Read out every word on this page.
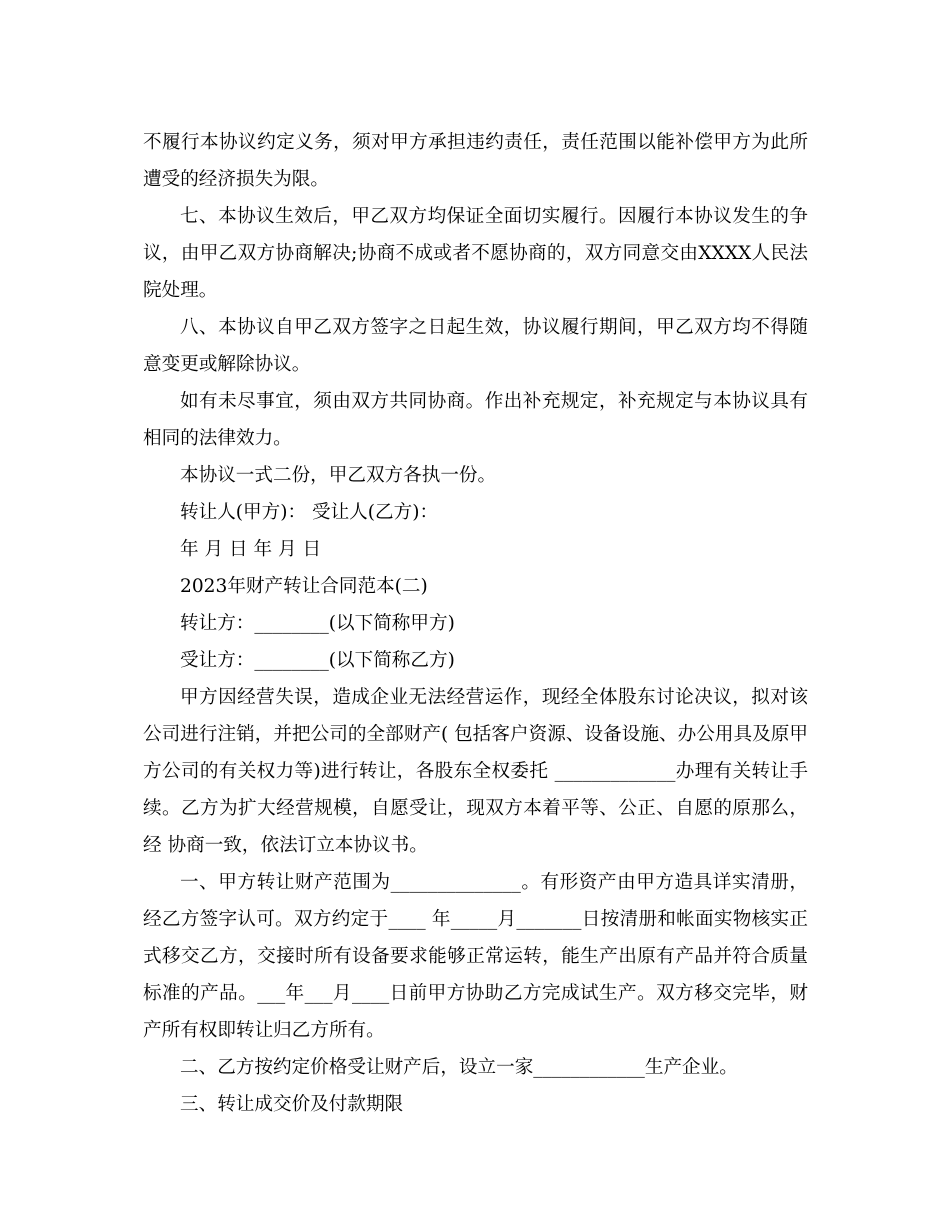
不履行本协议约定义务，须对甲方承担违约责任，责任范围以能补偿甲方为此所遭受的经济损失为限。

七、本协议生效后，甲乙双方均保证全面切实履行。因履行本协议发生的争议，由甲乙双方协商解决;协商不成或者不愿协商的，双方同意交由XXXX人民法院处理。

八、本协议自甲乙双方签字之日起生效，协议履行期间，甲乙双方均不得随意变更或解除协议。

如有未尽事宜，须由双方共同协商。作出补充规定，补充规定与本协议具有相同的法律效力。

本协议一式二份，甲乙双方各执一份。

转让人(甲方)： 受让人(乙方)：

年 月 日 年 月 日

2023年财产转让合同范本(二)

转让方：________(以下简称甲方)

受让方：________(以下简称乙方)

甲方因经营失误，造成企业无法经营运作，现经全体股东讨论决议，拟对该公司进行注销，并把公司的全部财产( 包括客户资源、设备设施、办公用具及原甲方公司的有关权力等)进行转让，各股东全权委托 _____________办理有关转让手续。乙方为扩大经营规模，自愿受让，现双方本着平等、公正、自愿的原那么，经 协商一致，依法订立本协议书。

一、甲方转让财产范围为______________。有形资产由甲方造具详实清册，经乙方签字认可。双方约定于____ 年_____月_______日按清册和帐面实物核实正式移交乙方，交接时所有设备要求能够正常运转，能生产出原有产品并符合质量标准的产品。___年___月____日前甲方协助乙方完成试生产。双方移交完毕，财产所有权即转让归乙方所有。

二、乙方按约定价格受让财产后，设立一家____________生产企业。

三、转让成交价及付款期限
